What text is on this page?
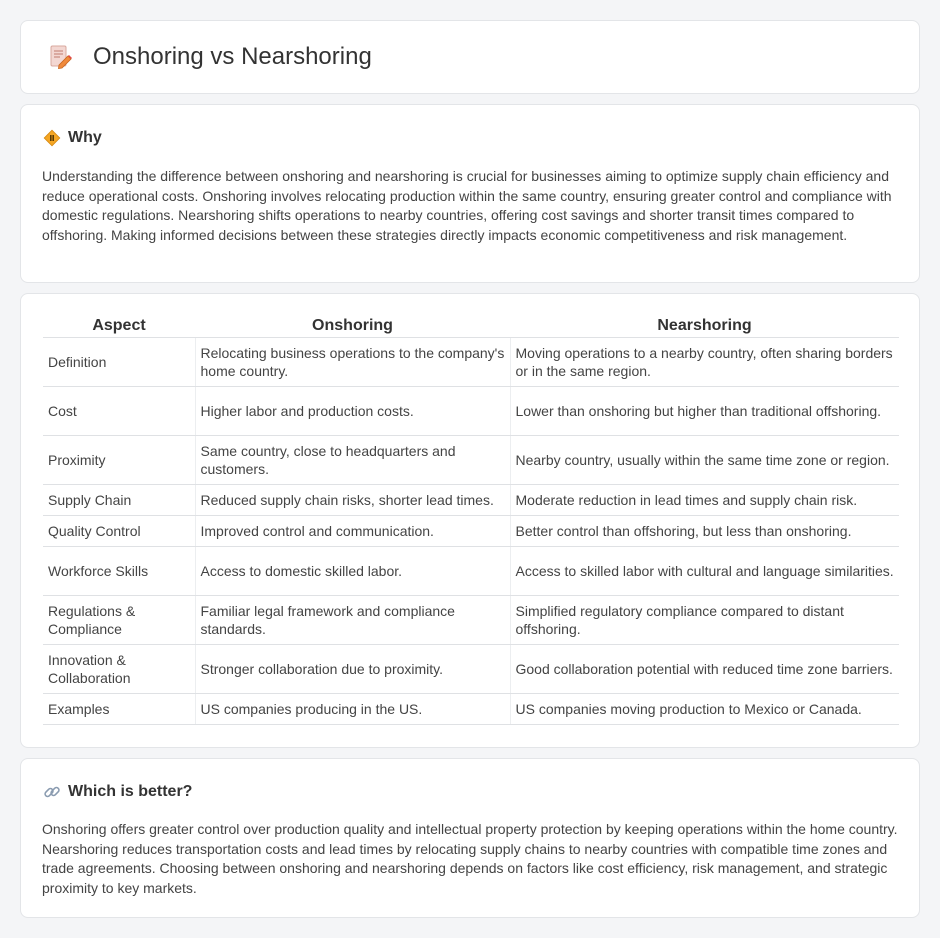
Onshoring vs Nearshoring
Why

Understanding the difference between onshoring and nearshoring is crucial for businesses aiming to optimize supply chain efficiency and reduce operational costs. Onshoring involves relocating production within the same country, ensuring greater control and compliance with domestic regulations. Nearshoring shifts operations to nearby countries, offering cost savings and shorter transit times compared to offshoring. Making informed decisions between these strategies directly impacts economic competitiveness and risk management.

Aspect	Onshoring	Nearshoring
Definition	Relocating business operations to the company's home country.	Moving operations to a nearby country, often sharing borders or in the same region.
Cost	Higher labor and production costs.	Lower than onshoring but higher than traditional offshoring.
Proximity	Same country, close to headquarters and customers.	Nearby country, usually within the same time zone or region.
Supply Chain	Reduced supply chain risks, shorter lead times.	Moderate reduction in lead times and supply chain risk.
Quality Control	Improved control and communication.	Better control than offshoring, but less than onshoring.
Workforce Skills	Access to domestic skilled labor.	Access to skilled labor with cultural and language similarities.
Regulations & Compliance	Familiar legal framework and compliance standards.	Simplified regulatory compliance compared to distant offshoring.
Innovation & Collaboration	Stronger collaboration due to proximity.	Good collaboration potential with reduced time zone barriers.
Examples	US companies producing in the US.	US companies moving production to Mexico or Canada.
Which is better?

Onshoring offers greater control over production quality and intellectual property protection by keeping operations within the home country. Nearshoring reduces transportation costs and lead times by relocating supply chains to nearby countries with compatible time zones and trade agreements. Choosing between onshoring and nearshoring depends on factors like cost efficiency, risk management, and strategic proximity to key markets.
